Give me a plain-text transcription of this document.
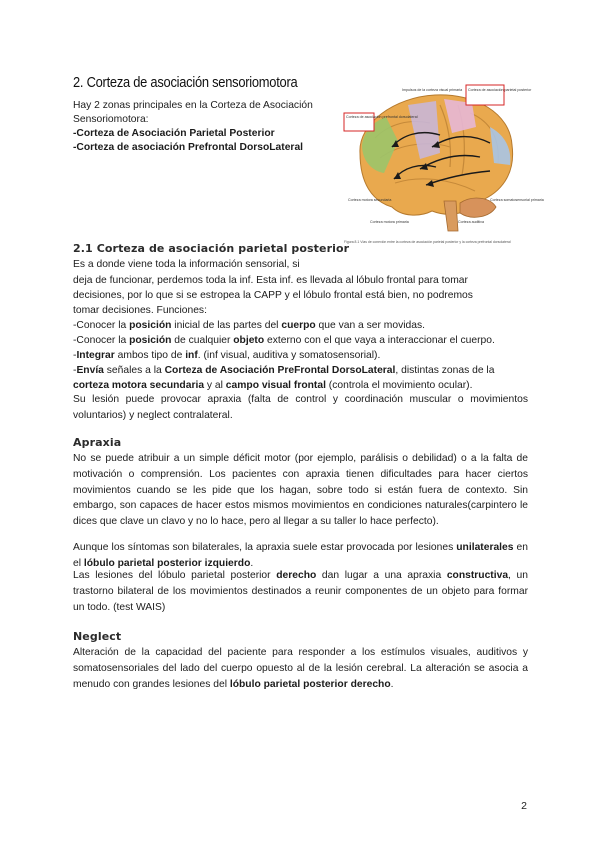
2. Corteza de asociación sensoriomotora
Hay 2 zonas principales en la Corteza de Asociación
Sensoriomotora:
-Corteza de Asociación Parietal Posterior
-Corteza de asociación Prefrontal DorsoLateral
Corteza de asociación prefrontal dorsolateral
Corteza de asociación parietal posterior
Impulsos de la corteza visual primaria
Corteza motora secundaria
Corteza motora primaria	Corteza auditiva
Corteza somatosensorial primaria
Figura 8.1 Vías de conexión entre la corteza de asociación parietal posterior y la corteza prefrontal dorsolateral
2.1 Corteza de asociación parietal posterior
Es a donde viene toda la información sensorial, si
deja de funcionar, perdemos toda la inf. Esta inf. es llevada al lóbulo frontal para tomar
decisiones, por lo que si se estropea la CAPP y el lóbulo frontal está bien, no podremos
tomar decisiones. Funciones:
-Conocer la posición inicial de las partes del cuerpo que van a ser movidas.
-Conocer la posición de cualquier objeto externo con el que vaya a interaccionar el cuerpo.
-Integrar ambos tipo de inf. (inf visual, auditiva y somatosensorial).
-Envía señales a la Corteza de Asociación PreFrontal DorsoLateral, distintas zonas de la
corteza motora secundaria y al campo visual frontal (controla el movimiento ocular).
Su lesión puede provocar apraxia (falta de control y coordinación muscular o movimientos voluntarios) y neglect contralateral.
Apraxia
No se puede atribuir a un simple déficit motor (por ejemplo, parálisis o debilidad) o a la falta de motivación o comprensión. Los pacientes con apraxia tienen dificultades para hacer ciertos movimientos cuando se les pide que los hagan, sobre todo si están fuera de contexto. Sin embargo, son capaces de hacer estos mismos movimientos en condiciones naturales(carpintero le dices que clave un clavo y no lo hace, pero al llegar a su taller lo hace perfecto).
Aunque los síntomas son bilaterales, la apraxia suele estar provocada por lesiones unilaterales en el lóbulo parietal posterior izquierdo.
Las lesiones del lóbulo parietal posterior derecho dan lugar a una apraxia constructiva, un trastorno bilateral de los movimientos destinados a reunir componentes de un objeto para formar un todo. (test WAIS)
Neglect
Alteración de la capacidad del paciente para responder a los estímulos visuales, auditivos y somatosensoriales del lado del cuerpo opuesto al de la lesión cerebral. La alteración se asocia a menudo con grandes lesiones del lóbulo parietal posterior derecho.
2
